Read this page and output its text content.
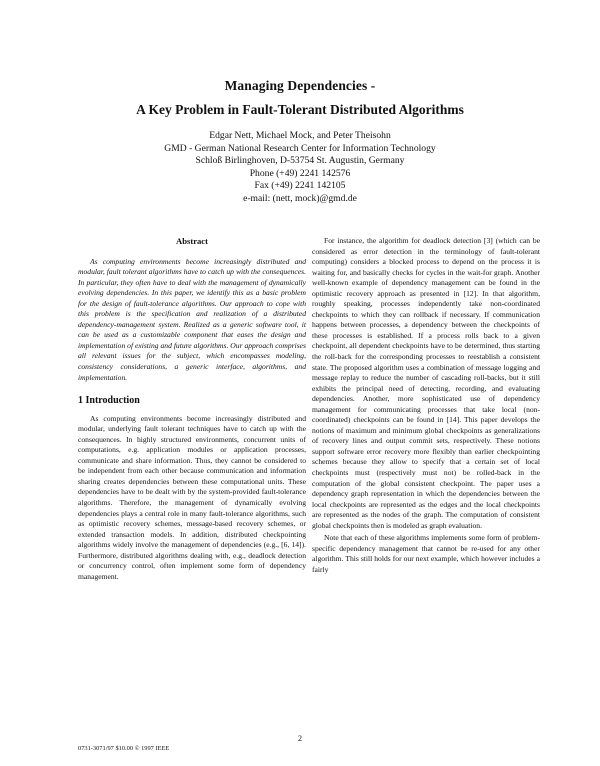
Managing Dependencies -
A Key Problem in Fault-Tolerant Distributed Algorithms
Edgar Nett, Michael Mock, and Peter Theisohn
GMD - German National Research Center for Information Technology
Schloß Birlinghoven, D-53754 St. Augustin, Germany
Phone (+49) 2241 142576
Fax (+49) 2241 142105
e-mail: (nett, mock)@gmd.de
Abstract

As computing environments become increasingly distributed and modular, fault tolerant algorithms have to catch up with the consequences. In particular, they often have to deal with the management of dynamically evolving dependencies. In this paper, we identify this as a basic problem for the design of fault-tolerance algorithms. Our approach to cope with this problem is the specification and realization of a distributed dependency-management system. Realized as a generic software tool, it can be used as a customizable component that eases the design and implementation of existing and future algorithms. Our approach comprises all relevant issues for the subject, which encompasses modeling, consistency considerations, a generic interface, algorithms, and implementation.

1 Introduction

As computing environments become increasingly distributed and modular, underlying fault tolerant techniques have to catch up with the consequences. In highly structured environments, concurrent units of computations, e.g. application modules or application processes, communicate and share information. Thus, they cannot be considered to be independent from each other because communication and information sharing creates dependencies between these computational units. These dependencies have to be dealt with by the system-provided fault-tolerance algorithms. Therefore, the management of dynamically evolving dependencies plays a central role in many fault-tolerance algorithms, such as optimistic recovery schemes, message-based recovery schemes, or extended transaction models. In addition, distributed checkpointing algorithms widely involve the management of dependencies (e.g., [6, 14]). Furthermore, distributed algorithms dealing with, e.g., deadlock detection or concurrency control, often implement some form of dependency management.

For instance, the algorithm for deadlock detection [3] (which can be considered as error detection in the terminology of fault-tolerant computing) considers a blocked process to depend on the process it is waiting for, and basically checks for cycles in the wait-for graph. Another well-known example of dependency management can be found in the optimistic recovery approach as presented in [12]. In that algorithm, roughly speaking, processes independently take non-coordinated checkpoints to which they can rollback if necessary. If communication happens between processes, a dependency between the checkpoints of these processes is established. If a process rolls back to a given checkpoint, all dependent checkpoints have to be determined, thus starting the roll-back for the corresponding processes to reestablish a consistent state. The proposed algorithm uses a combination of message logging and message replay to reduce the number of cascading roll-backs, but it still exhibits the principal need of detecting, recording, and evaluating dependencies. Another, more sophisticated use of dependency management for communicating processes that take local (non-coordinated) checkpoints can be found in [14]. This paper develops the notions of maximum and minimum global checkpoints as generalizations of recovery lines and output commit sets, respectively. These notions support software error recovery more flexibly than earlier checkpointing schemes because they allow to specify that a certain set of local checkpoints must (respectively must not) be rolled-back in the computation of the global consistent checkpoint. The paper uses a dependency graph representation in which the dependencies between the local checkpoints are represented as the edges and the local checkpoints are represented as the nodes of the graph. The computation of consistent global checkpoints then is modeled as graph evaluation.

Note that each of these algorithms implements some form of problem-specific dependency management that cannot be re-used for any other algorithm. This still holds for our next example, which however includes a fairly

2
0731-3071/97 $10.00 © 1997 IEEE
